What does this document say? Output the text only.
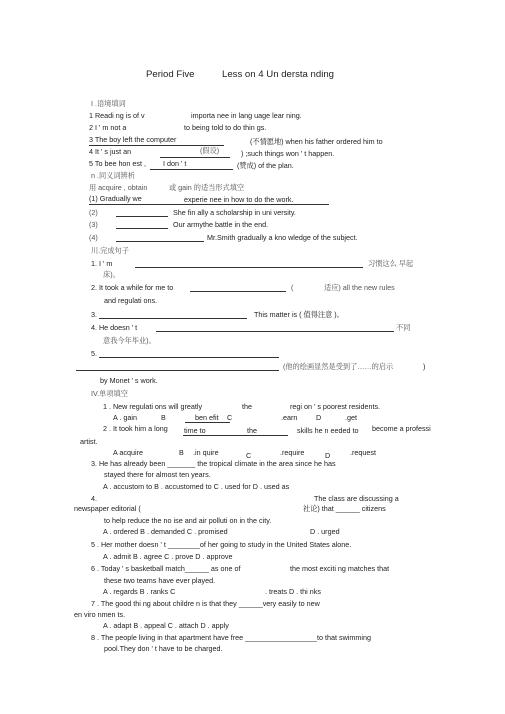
Period Five	Less on 4 Un dersta nding
I .语境填词
1 Readi ng is of v	importa nee in lang uage lear ning.
2 I ' m not a	to being told to do thin gs.
3 The boy left the computer	(不情愿地) when his father ordered him to
4 It ' s just an	(假设)	) ;such things won ' t happen.
5 To bee hon est , I don ' t	(赞成) of the plan.
n .同义词辨析
用 acquire , obtain	或 gain 的适当形式填空
(1) Gradually we	experie nee in how to do the work.
(2)	She fin ally a scholarship in uni versity.
(3)	Our armythe battle in the end.
(4)	Mr.Smith gradually a kno wledge of the subject.
川.完成句子
1. I ' m	习惯这么 早起
床)。
2. It took a while for me to	(	适应) all the new rules
and regulati ons.
3.	This matter is ( 值得注意 )。
4. He doesn ' t	不同
意我今年毕业)。
5.
(他的绘画显然是受到了……的启示	)
by Monet ' s work.
IV.单项填空
1 . New regulati ons will greatly	the	regi on ' s poorest residents.
A . gain	B	ben efit C	.earn	D	.get
2 . It took him a long time to	the	skills he n eeded to become a professi
artist.
A acquire	B .in quire	C	.require	D	.request
3. He has already been _______ the tropical climate in the area since he has
stayed there for almost ten years.
A . accustom to B . accustomed to C . used for D . used as
4.	The class are discussing a
newspaper editorial (	社论) that ______ citizens
to help reduce the no ise and air polluti on in the city.
A . ordered B . demanded C . promised	D . urged
5 . Her mother doesn ' t ________of her going to study in the United States alone.
A . admit B . agree C . prove D . approve
6 . Today ' s basketball match______ as one of	the most exciti ng matches that
these two teams have ever played.
A . regards B . ranks C	. treats D . thi nks
7 . The good thi ng about childre n is that they ______very easily to new
en viro nmen ts.
A . adapt B . appeal C . attach D . apply
8 . The people living in that apartment have free __________________to that swimming
pool.They don ' t have to be charged.
